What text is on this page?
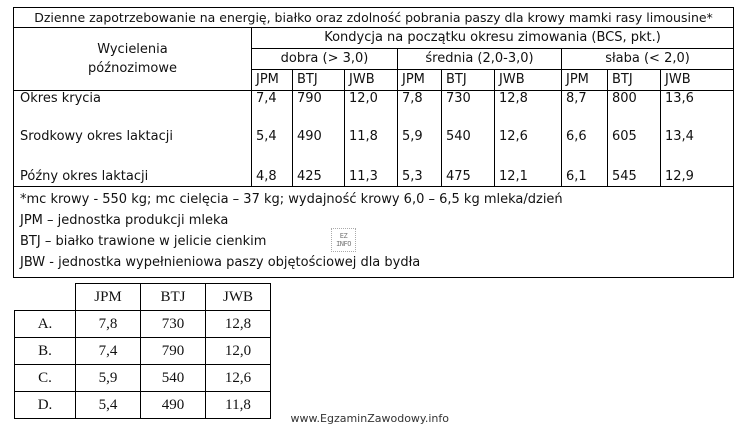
Dzienne zapotrzebowanie na energię, białko oraz zdolność pobrania paszy dla krowy mamki rasy limousine*									
Wycielenia
późnozimowe	Kondycja na początku okresu zimowania (BCS, pkt.)								
	dobra (> 3,0)			średnia (2,0-3,0)			słaba (< 2,0)		
	JPM	BTJ	JWB	JPM	BTJ	JWB	JPM	BTJ	JWB
Okres krycia	7,4	790	12,0	7,8	730	12,8	8,7	800	13,6
Środkowy okres laktacji	5,4	490	11,8	5,9	540	12,6	6,6	605	13,4
Późny okres laktacji	4,8	425	11,3	5,3	475	12,1	6,1	545	12,9

*mc krowy - 550 kg; mc cielęcia – 37 kg; wydajność krowy 6,0 – 6,5 kg mleka/dzień
JPM – jednostka produkcji mleka
BTJ – białko trawione w jelicie cienkim
JBW - jednostka wypełnieniowa paszy objętościowej dla bydła									
EZ
INFO
	JPM	BTJ	JWB
A.	7,8	730	12,8
B.	7,4	790	12,0
C.	5,9	540	12,6
D.	5,4	490	11,8
www.EgzaminZawodowy.info
